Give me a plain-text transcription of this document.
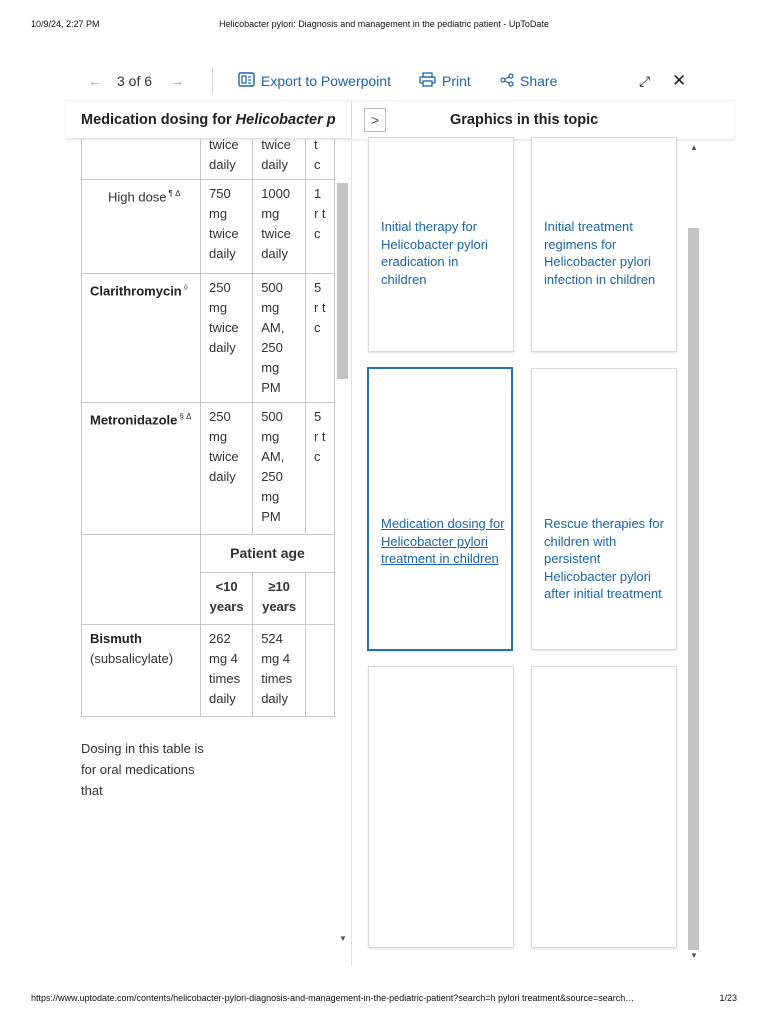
10/9/24, 2:27 PM	Helicobacter pylori: Diagnosis and management in the pediatric patient - UpToDate
← 3 of 6 →	Export to Powerpoint	Print	Share	⤢ ✕
Medication dosing for Helicobacter p	>	Graphics in this topic
	twice daily	twice daily	t c
High dose $^{\P \Delta}$	750 mg twice daily	1000 mg twice daily	1 r t c
Clarithromycin ◊	250 mg twice daily	500 mg AM, 250 mg PM	5 r t c
Metronidazole $^{\S \Delta}$	250 mg twice daily	500 mg AM, 250 mg PM	5 r t c
	Patient age		
	<10 years	≥10 years	

Bismuth
(subsalicylate)	262 mg 4 times daily	524 mg 4 times daily	
▼
Dosing in this table is for oral medications that
Initial therapy for Helicobacter pylori eradication in children
Initial treatment regimens for Helicobacter pylori infection in children
Medication dosing for Helicobacter pylori treatment in children
Rescue therapies for children with persistent Helicobacter pylori after initial treatment
▲
▼
https://www.uptodate.com/contents/helicobacter-pylori-diagnosis-and-management-in-the-pediatric-patient?search=h pylori treatment&source=search…	1/23
